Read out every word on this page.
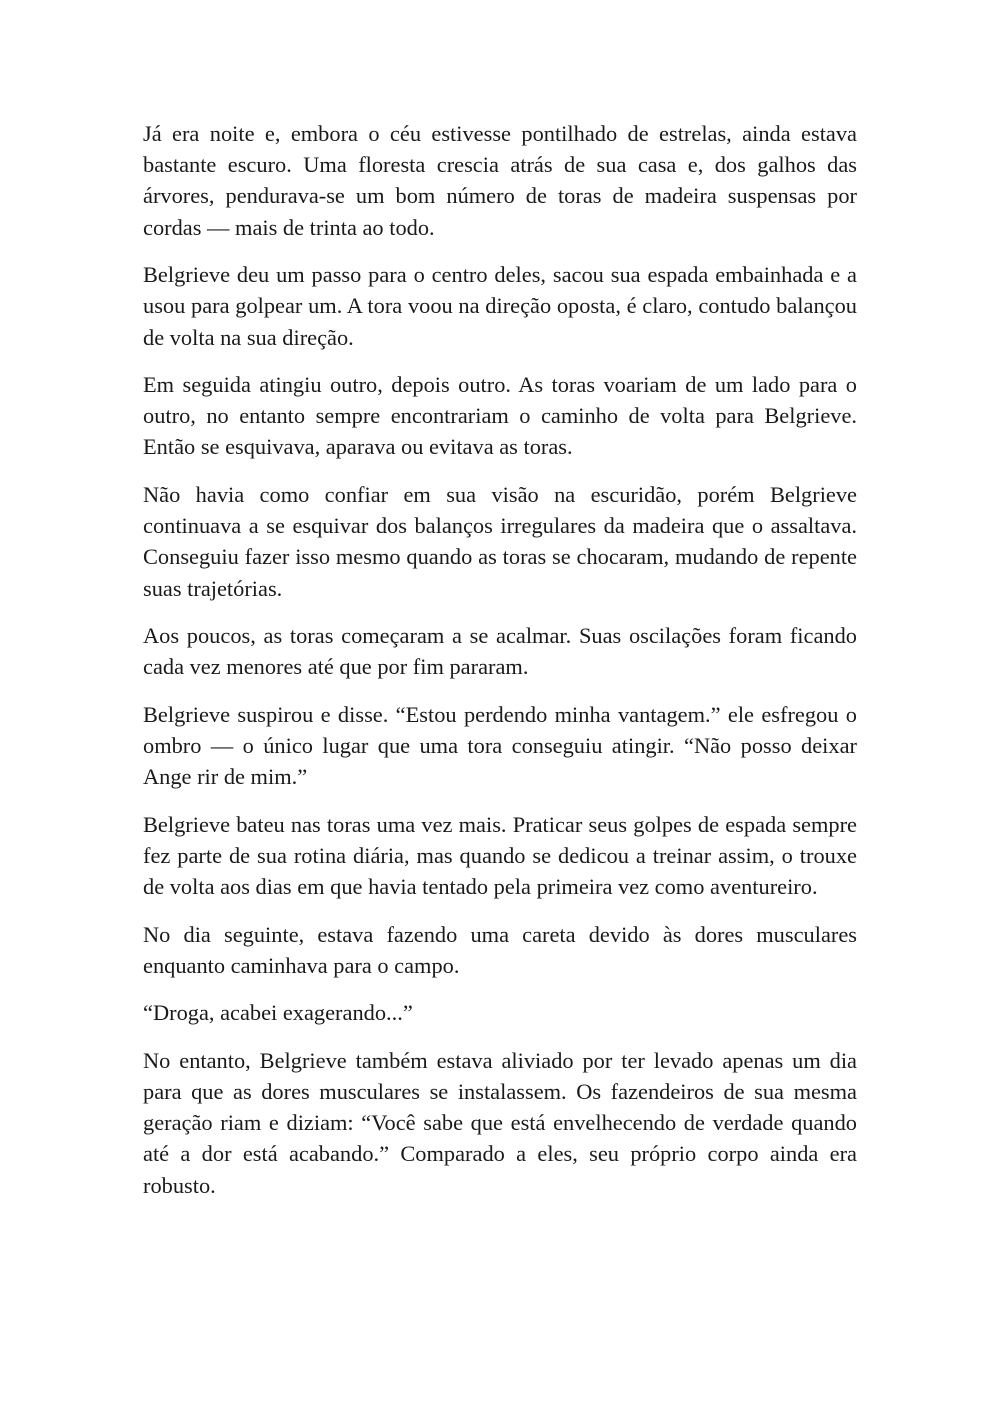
Já era noite e, embora o céu estivesse pontilhado de estrelas, ainda estava bastante escuro. Uma floresta crescia atrás de sua casa e, dos galhos das árvores, pendurava-se um bom número de toras de madeira suspensas por cordas — mais de trinta ao todo.

Belgrieve deu um passo para o centro deles, sacou sua espada embainhada e a usou para golpear um. A tora voou na direção oposta, é claro, contudo balançou de volta na sua direção.

Em seguida atingiu outro, depois outro. As toras voariam de um lado para o outro, no entanto sempre encontrariam o caminho de volta para Belgrieve. Então se esquivava, aparava ou evitava as toras.

Não havia como confiar em sua visão na escuridão, porém Belgrieve continuava a se esquivar dos balanços irregulares da madeira que o assaltava. Conseguiu fazer isso mesmo quando as toras se chocaram, mudando de repente suas trajetórias.

Aos poucos, as toras começaram a se acalmar. Suas oscilações foram ficando cada vez menores até que por fim pararam.

Belgrieve suspirou e disse. “Estou perdendo minha vantagem.” ele esfregou o ombro — o único lugar que uma tora conseguiu atingir. “Não posso deixar Ange rir de mim.”

Belgrieve bateu nas toras uma vez mais. Praticar seus golpes de espada sempre fez parte de sua rotina diária, mas quando se dedicou a treinar assim, o trouxe de volta aos dias em que havia tentado pela primeira vez como aventureiro.

No dia seguinte, estava fazendo uma careta devido às dores musculares enquanto caminhava para o campo.

“Droga, acabei exagerando...”

No entanto, Belgrieve também estava aliviado por ter levado apenas um dia para que as dores musculares se instalassem. Os fazendeiros de sua mesma geração riam e diziam: “Você sabe que está envelhecendo de verdade quando até a dor está acabando.” Comparado a eles, seu próprio corpo ainda era robusto.
